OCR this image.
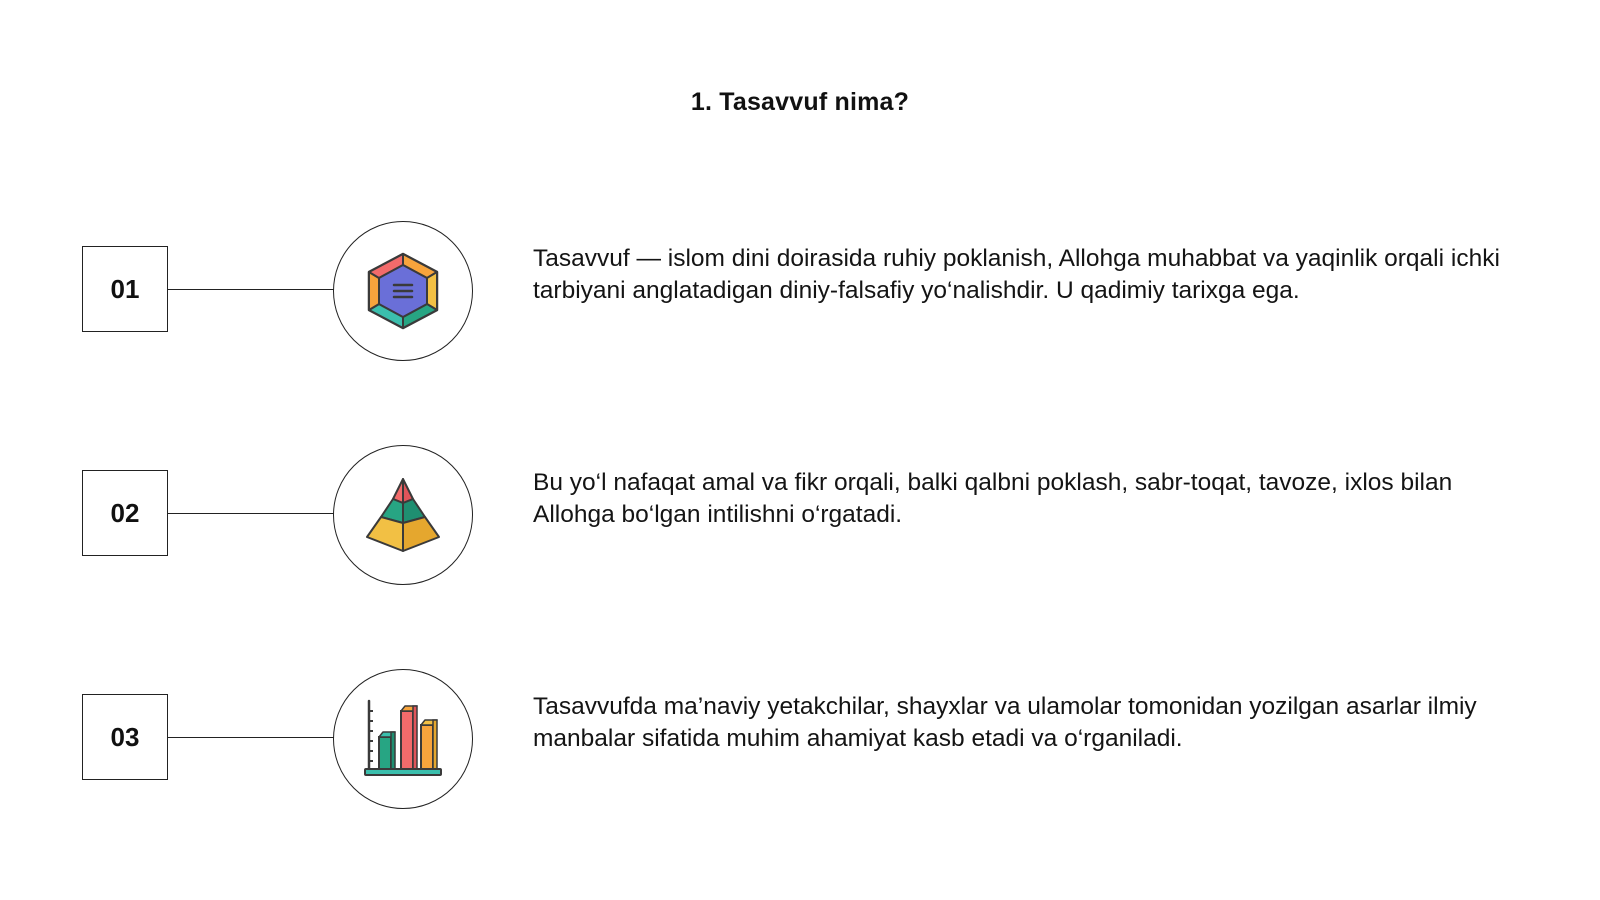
1. Tasavvuf nima?
01
Tasavvuf — islom dini doirasida ruhiy poklanish, Allohga muhabbat va yaqinlik orqali ichki tarbiyani anglatadigan diniy-falsafiy yo‘nalishdir. U qadimiy tarixga ega.
02
Bu yo‘l nafaqat amal va fikr orqali, balki qalbni poklash, sabr-toqat, tavoze, ixlos bilan Allohga bo‘lgan intilishni o‘rgatadi.
03
Tasavvufda ma’naviy yetakchilar, shayxlar va ulamolar tomonidan yozilgan asarlar ilmiy manbalar sifatida muhim ahamiyat kasb etadi va o‘rganiladi.
